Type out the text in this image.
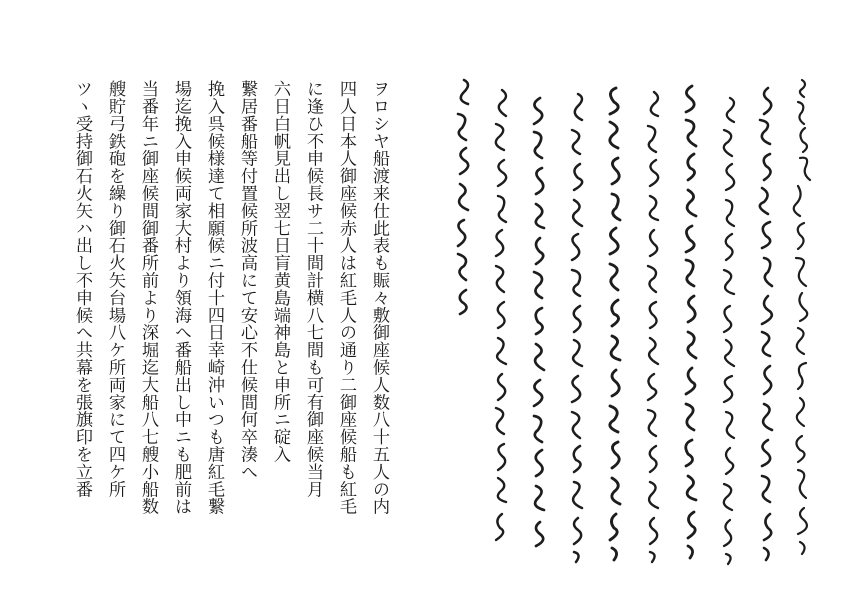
ヲロシヤ船渡来仕此表も賑々敷御座候人数八十五人の内
四人日本人御座候赤人は紅毛人の通り二御座候船も紅毛
に逢ひ不申候長サ二十間計横八七間も可有御座候当月
六日白帆見出し翌七日肓黄島端神島と申所ニ碇入
繋居番船等付置候所波高にて安心不仕候間何卒湊へ
挽入呉候様達て相願候ニ付十四日幸崎沖いつも唐紅毛繋
場迄挽入申候両家大村より領海へ番船出し中ニも肥前は
当番年ニ御座候間御番所前より深堀迄大船八七艘小船数
艘貯弓鉄砲を繰り御石火矢台場八ケ所両家にて四ケ所
ツヽ受持御石火矢ハ出し不申候へ共幕を張旗印を立番
